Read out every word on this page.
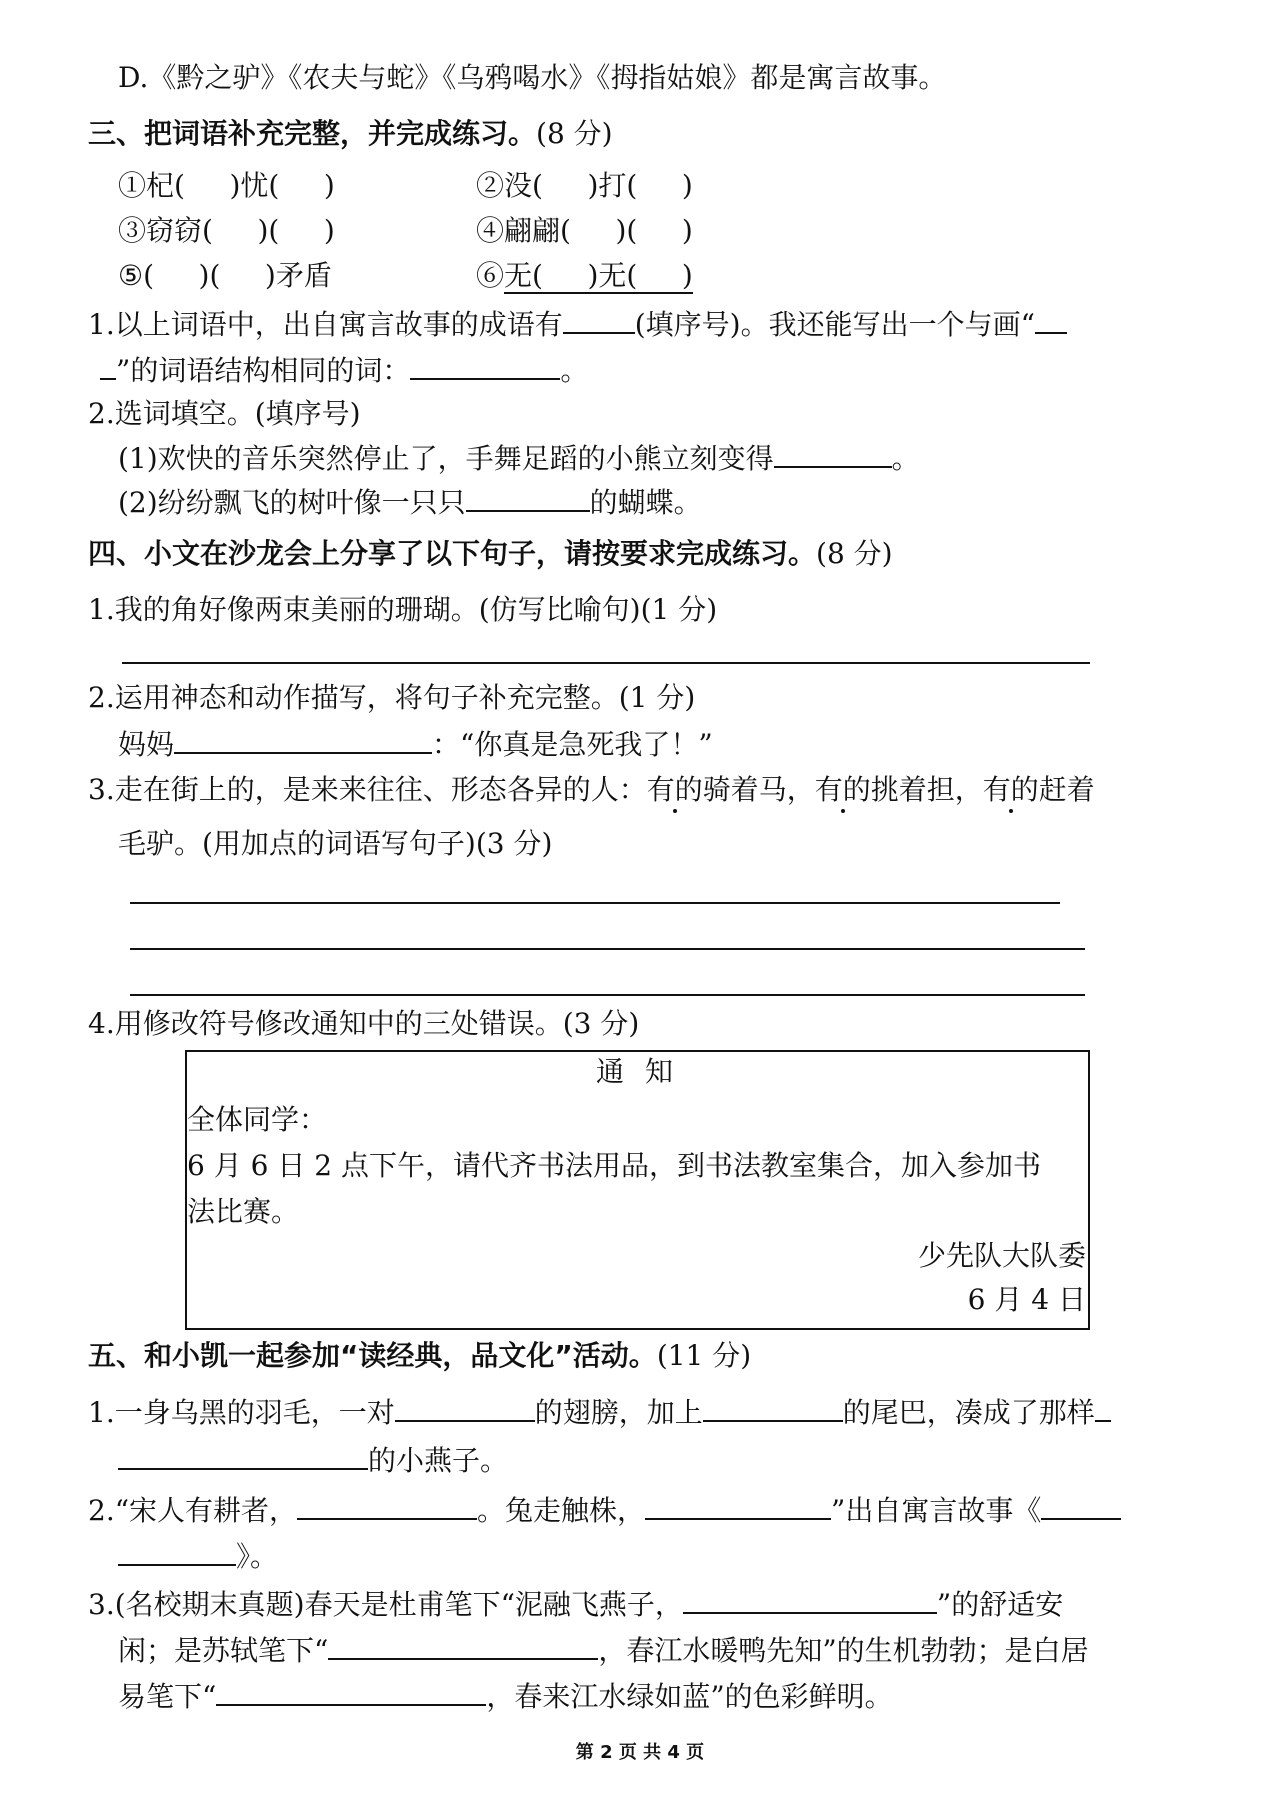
D.《黔之驴》《农夫与蛇》《乌鸦喝水》《拇指姑娘》都是寓言故事。
三、把词语补充完整，并完成练习。(8 分)
①杞(     )忧(     )	②没(     )打(     )
③窃窃(     )(     )	④翩翩(     )(     )
⑤(     )(     )矛盾	⑥无(     )无(     )
1.以上词语中，出自寓言故事的成语有	(填序号)。我还能写出一个与画“
”的词语结构相同的词：	。
2.选词填空。(填序号)
(1)欢快的音乐突然停止了，手舞足蹈的小熊立刻变得	。
(2)纷纷飘飞的树叶像一只只	的蝴蝶。
四、小文在沙龙会上分享了以下句子，请按要求完成练习。(8 分)
1.我的角好像两束美丽的珊瑚。(仿写比喻句)(1 分)
2.运用神态和动作描写，将句子补充完整。(1 分)
妈妈	：“你真是急死我了！”
3.走在街上的，是来来往往、形态各异的人：有的骑着马，有的挑着担，有的赶着
毛驴。(用加点的词语写句子)(3 分)
4.用修改符号修改通知中的三处错误。(3 分)
通 知
全体同学：
6 月 6 日 2 点下午，请代齐书法用品，到书法教室集合，加入参加书
法比赛。
少先队大队委
6 月 4 日
五、和小凯一起参加“读经典，品文化”活动。(11 分)
1.一身乌黑的羽毛，一对	的翅膀，加上	的尾巴，凑成了那样
的小燕子。
2.“宋人有耕者，	。兔走触株，	”出自寓言故事《
》。
3.(名校期末真题)春天是杜甫笔下“泥融飞燕子，	”的舒适安
闲；是苏轼笔下“	，春江水暖鸭先知”的生机勃勃；是白居
易笔下“	，春来江水绿如蓝”的色彩鲜明。
第 2 页 共 4 页
